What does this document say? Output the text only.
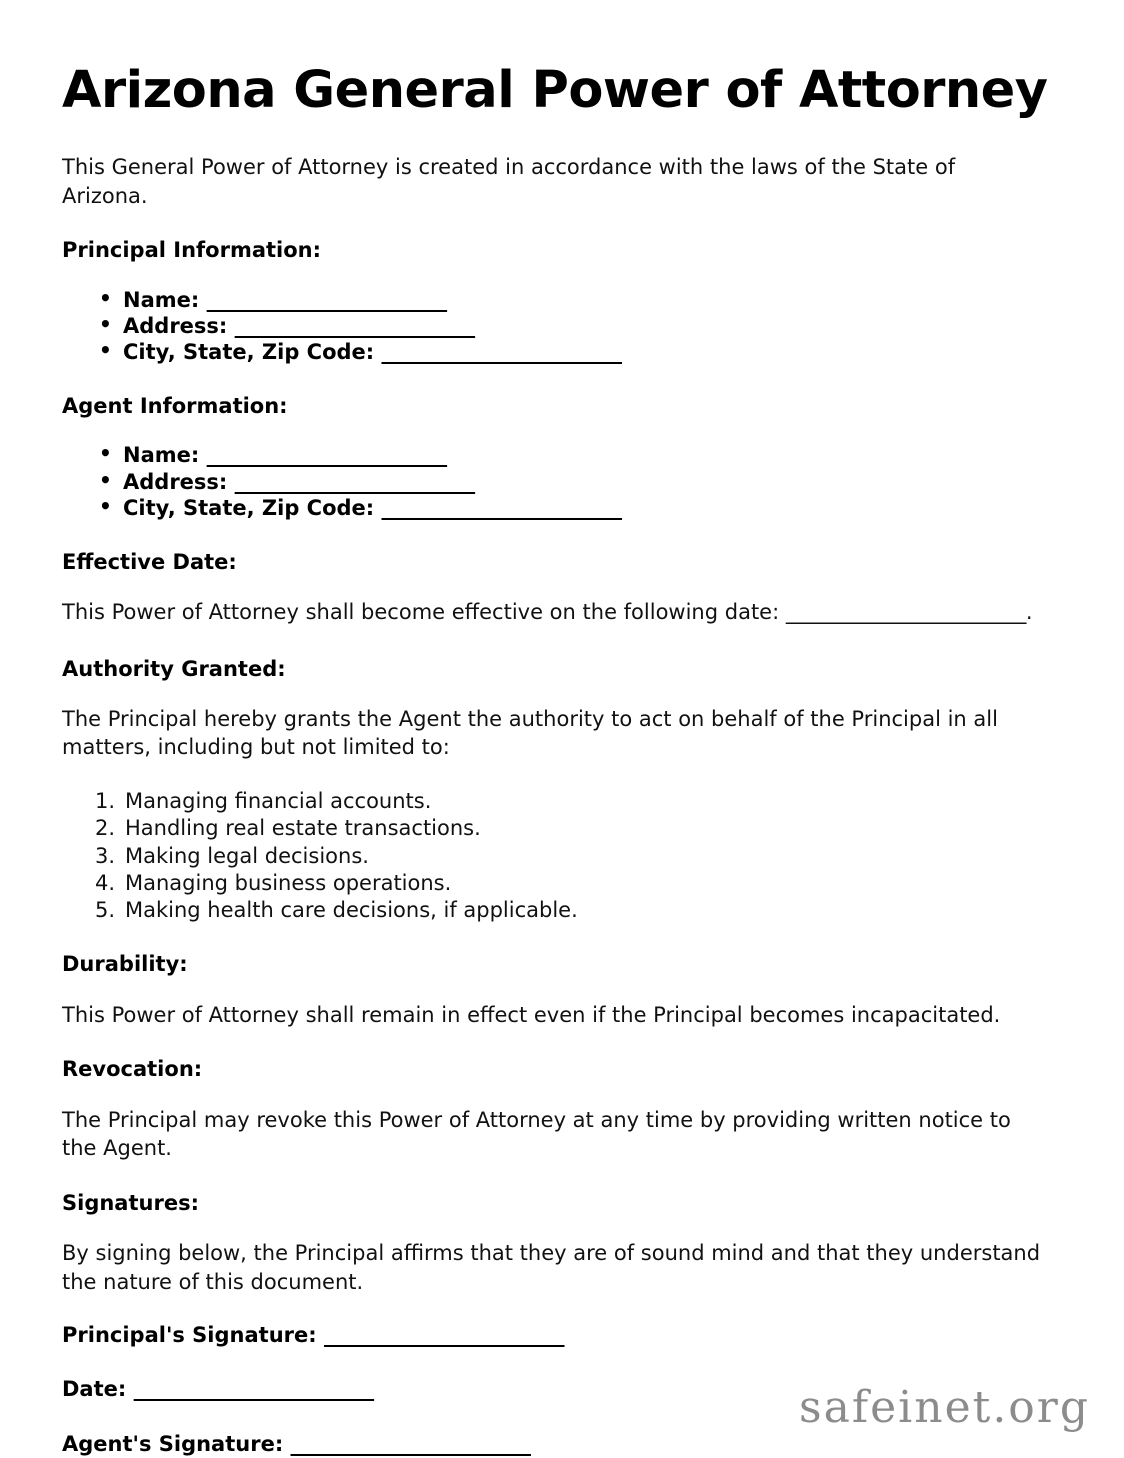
Arizona General Power of Attorney

This General Power of Attorney is created in accordance with the laws of the State of Arizona.

Principal Information:
• Name: ________________________
• Address: ________________________
• City, State, Zip Code: ________________________
Agent Information:
• Name: ________________________
• Address: ________________________
• City, State, Zip Code: ________________________
Effective Date:

This Power of Attorney shall become effective on the following date: ________________________.

Authority Granted:

The Principal hereby grants the Agent the authority to act on behalf of the Principal in all matters, including but not limited to:

Managing financial accounts.
Handling real estate transactions.
Making legal decisions.
Managing business operations.
Making health care decisions, if applicable.
Durability:

This Power of Attorney shall remain in effect even if the Principal becomes incapacitated.

Revocation:

The Principal may revoke this Power of Attorney at any time by providing written notice to the Agent.

Signatures:

By signing below, the Principal affirms that they are of sound mind and that they understand the nature of this document.

Principal's Signature: ________________________

Date: ________________________

Agent's Signature: ________________________

safeinet.org
